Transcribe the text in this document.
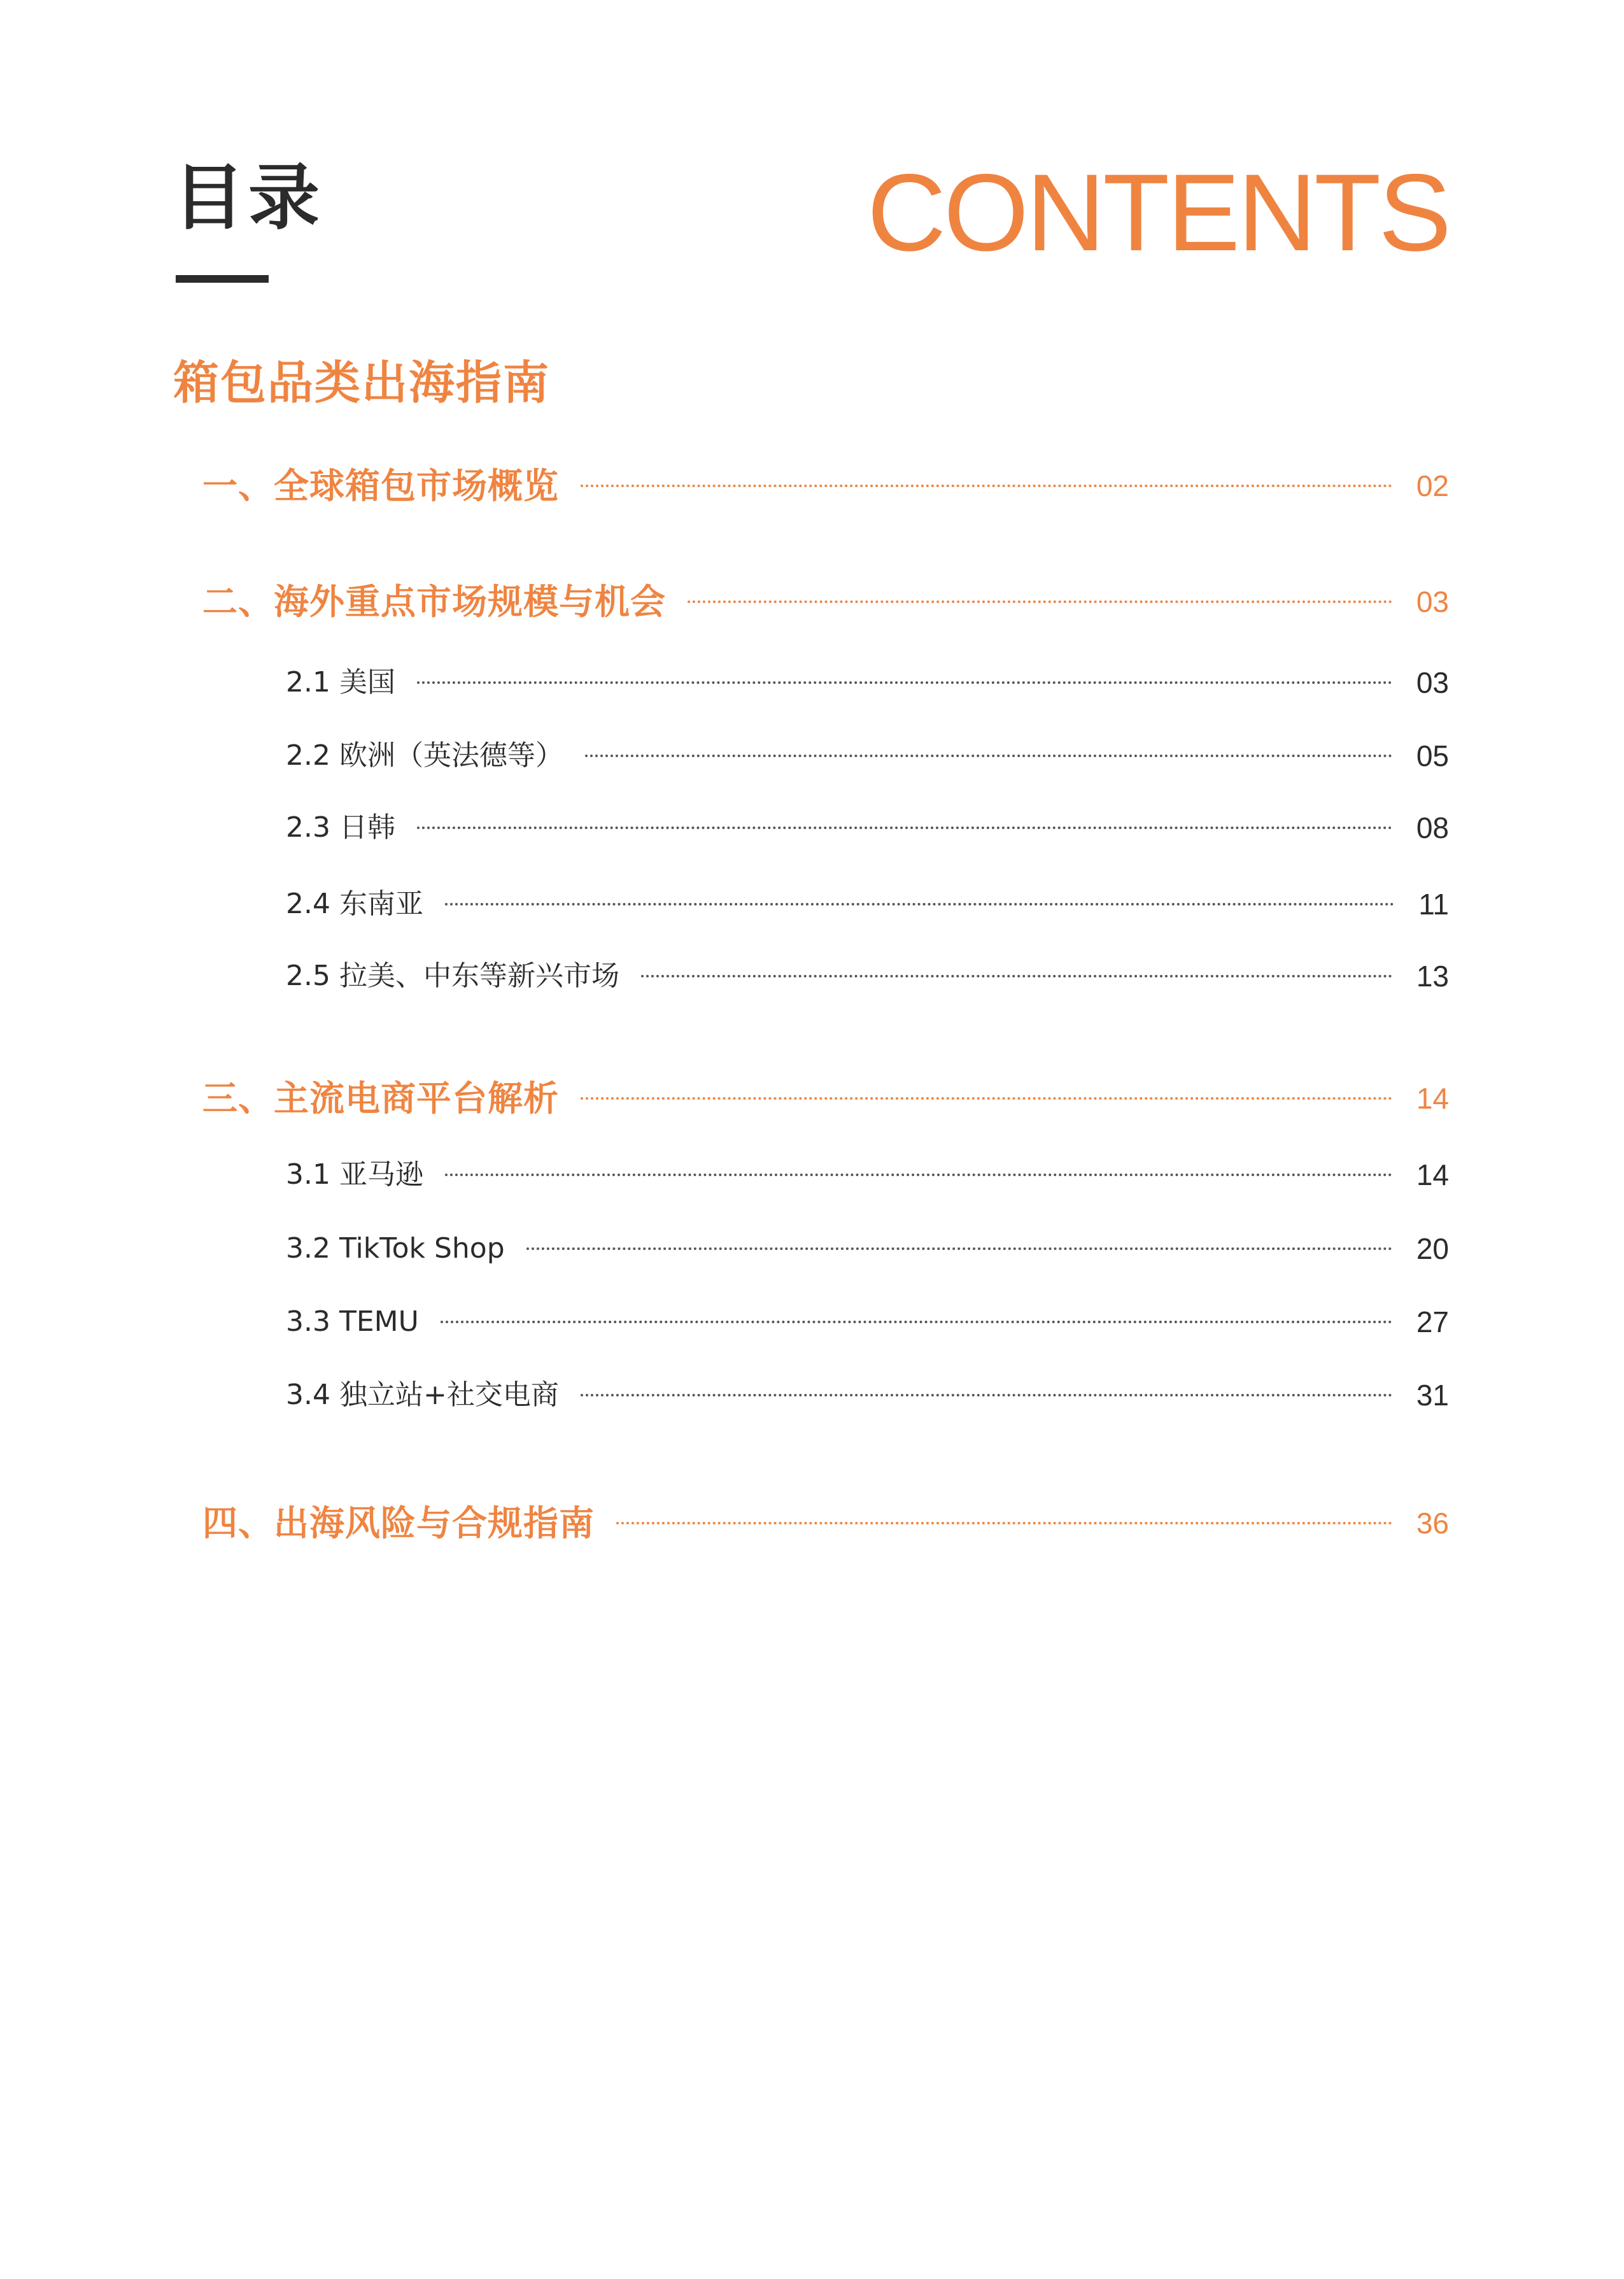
目录	CONTENTS
箱包品类出海指南
一、全球箱包市场概览	02
二、海外重点市场规模与机会	03
2.1 美国	03
2.2 欧洲（英法德等）	05
2.3 日韩	08
2.4 东南亚	11
2.5 拉美、中东等新兴市场	13
三、主流电商平台解析	14
3.1 亚马逊	14
3.2 TikTok Shop	20
3.3 TEMU	27
3.4 独立站+社交电商	31
四、出海风险与合规指南	36
